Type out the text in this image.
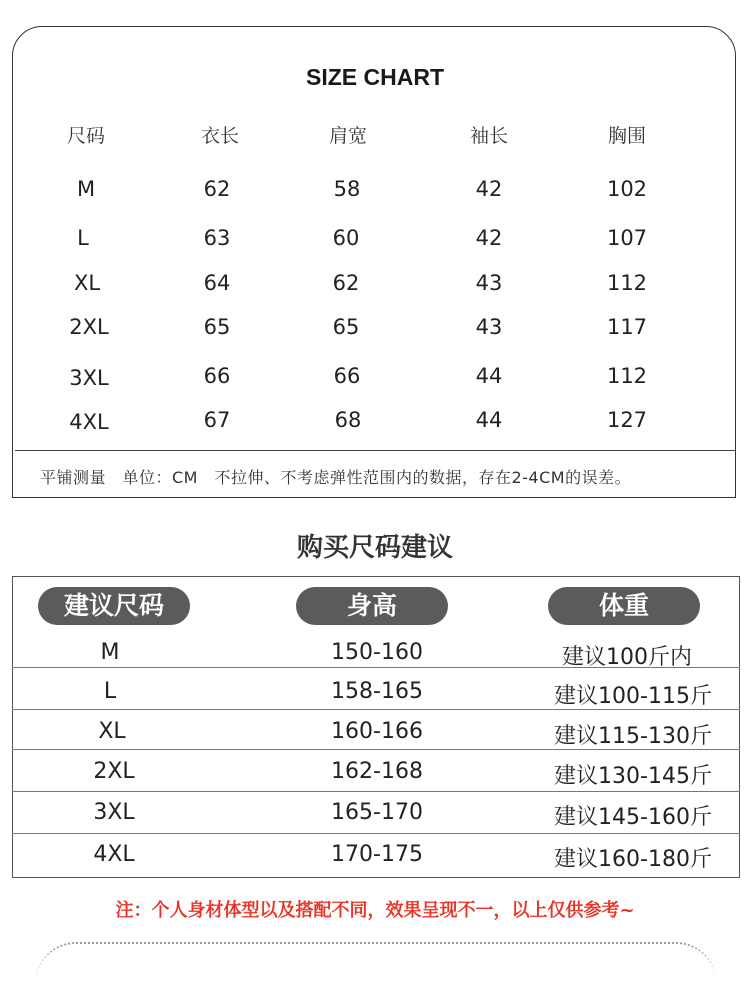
SIZE CHART
尺码	衣长	肩宽	袖长	胸围
M	62	58	42	102
L	63	60	42	107
XL	64	62	43	112
2XL	65	65	43	117
3XL	66	66	44	112
4XL	67	68	44	127
平铺测量　单位：CM　不拉伸、不考虑弹性范围内的数据，存在2-4CM的误差。
购买尺码建议
建议尺码	身高	体重
M	150-160	建议100斤内
L	158-165	建议100-115斤
XL	160-166	建议115-130斤
2XL	162-168	建议130-145斤
3XL	165-170	建议145-160斤
4XL	170-175	建议160-180斤
注：个人身材体型以及搭配不同，效果呈现不一，以上仅供参考~
